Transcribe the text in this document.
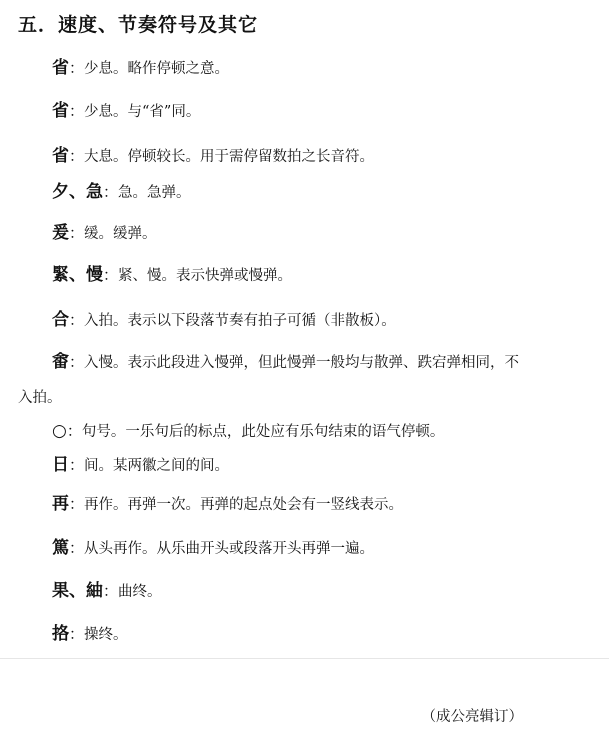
五．速度、节奏符号及其它
省：少息。略作停顿之意。
省：少息。与“省”同。
省：大息。停顿较长。用于需停留数拍之长音符。
夕、急：急。急弹。
爰：缓。缓弹。
緊、慢：紧、慢。表示快弹或慢弹。
合：入拍。表示以下段落节奏有拍子可循（非散板）。
畬：入慢。表示此段进入慢弹，但此慢弹一般均与散弹、跌宕弹相同，不
入拍。
○：句号。一乐句后的标点，此处应有乐句结束的语气停顿。
日：间。某两徽之间的间。
再：再作。再弹一次。再弹的起点处会有一竖线表示。
篤：从头再作。从乐曲开头或段落开头再弹一遍。
果、紬：曲终。
挌：操终。
（成公亮辑订）
